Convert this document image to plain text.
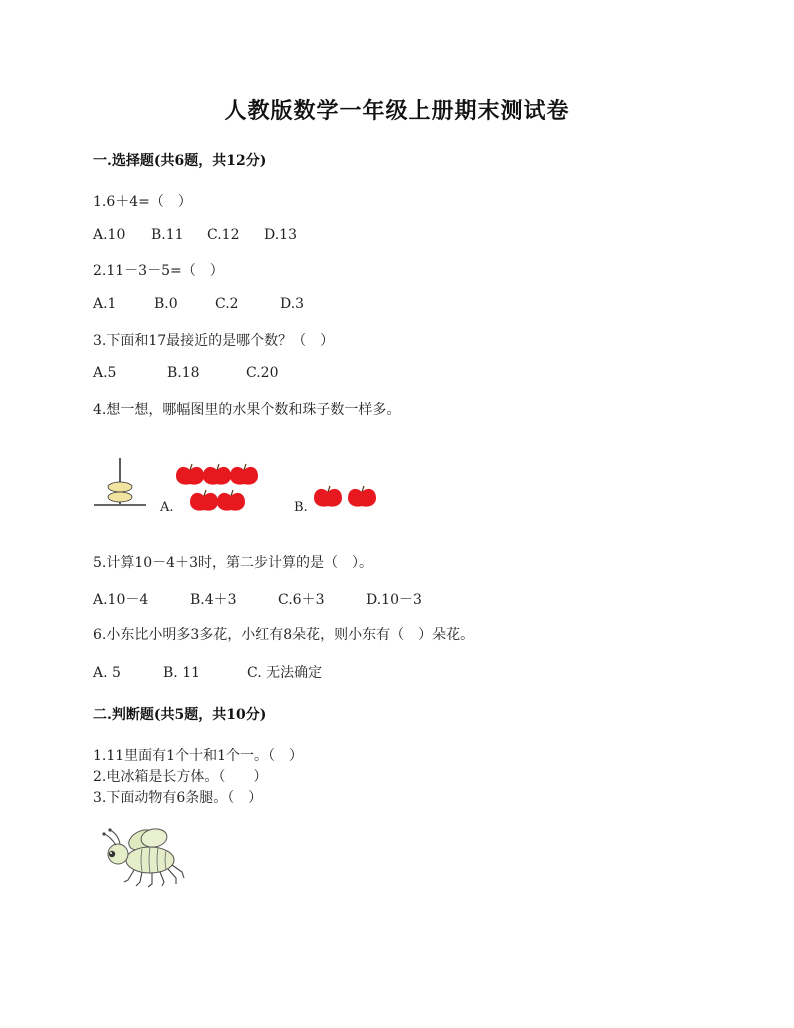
人教版数学一年级上册期末测试卷
一.选择题(共6题，共12分)
1.6＋4=（　）
A.10 B.11 C.12 D.13
2.11－3－5=（　）
A.1	B.0	C.2	D.3
3.下面和17最接近的是哪个数？（　）
A.5	B.18	C.20
4.想一想，哪幅图里的水果个数和珠子数一样多。
A.	B.
5.计算10－4＋3时，第二步计算的是（　）。
A.10－4	B.4＋3	C.6＋3	D.10－3
6.小东比小明多3多花，小红有8朵花，则小东有（　）朵花。
A. 5	B. 11	C. 无法确定
二.判断题(共5题，共10分)
1.11里面有1个十和1个一。（　）
2.电冰箱是长方体。（　　）
3.下面动物有6条腿。（　）
